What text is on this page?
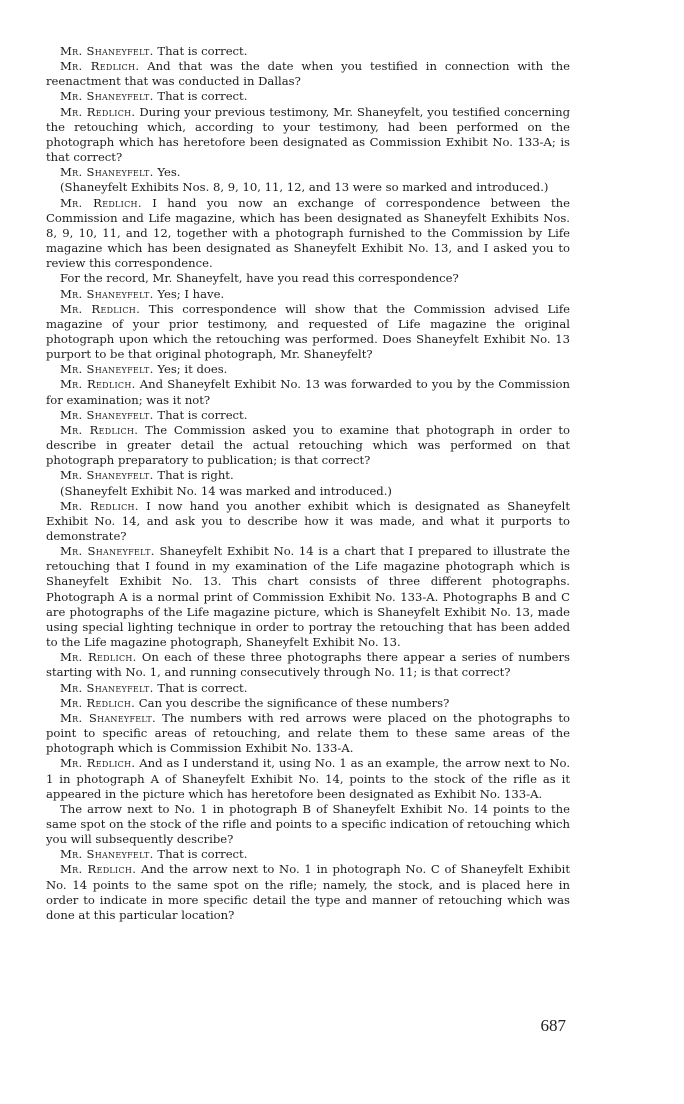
Mr. Shaneyfelt. That is correct.

Mr. Redlich. And that was the date when you testified in connection with the reenactment that was conducted in Dallas?

Mr. Shaneyfelt. That is correct.

Mr. Redlich. During your previous testimony, Mr. Shaneyfelt, you testified concerning the retouching which, according to your testimony, had been performed on the photograph which has heretofore been designated as Commission Exhibit No. 133-A; is that correct?

Mr. Shaneyfelt. Yes.

(Shaneyfelt Exhibits Nos. 8, 9, 10, 11, 12, and 13 were so marked and introduced.)

Mr. Redlich. I hand you now an exchange of correspondence between the Commission and Life magazine, which has been designated as Shaneyfelt Exhibits Nos. 8, 9, 10, 11, and 12, together with a photograph furnished to the Commission by Life magazine which has been designated as Shaneyfelt Exhibit No. 13, and I asked you to review this correspondence.

For the record, Mr. Shaneyfelt, have you read this correspondence?

Mr. Shaneyfelt. Yes; I have.

Mr. Redlich. This correspondence will show that the Commission advised Life magazine of your prior testimony, and requested of Life magazine the original photograph upon which the retouching was performed. Does Shaneyfelt Exhibit No. 13 purport to be that original photograph, Mr. Shaneyfelt?

Mr. Shaneyfelt. Yes; it does.

Mr. Redlich. And Shaneyfelt Exhibit No. 13 was forwarded to you by the Commission for examination; was it not?

Mr. Shaneyfelt. That is correct.

Mr. Redlich. The Commission asked you to examine that photograph in order to describe in greater detail the actual retouching which was performed on that photograph preparatory to publication; is that correct?

Mr. Shaneyfelt. That is right.

(Shaneyfelt Exhibit No. 14 was marked and introduced.)

Mr. Redlich. I now hand you another exhibit which is designated as Shaneyfelt Exhibit No. 14, and ask you to describe how it was made, and what it purports to demonstrate?

Mr. Shaneyfelt. Shaneyfelt Exhibit No. 14 is a chart that I prepared to illustrate the retouching that I found in my examination of the Life magazine photograph which is Shaneyfelt Exhibit No. 13. This chart consists of three different photographs. Photograph A is a normal print of Commission Exhibit No. 133-A. Photographs B and C are photographs of the Life magazine picture, which is Shaneyfelt Exhibit No. 13, made using special lighting technique in order to portray the retouching that has been added to the Life magazine photograph, Shaneyfelt Exhibit No. 13.

Mr. Redlich. On each of these three photographs there appear a series of numbers starting with No. 1, and running consecutively through No. 11; is that correct?

Mr. Shaneyfelt. That is correct.

Mr. Redlich. Can you describe the significance of these numbers?

Mr. Shaneyfelt. The numbers with red arrows were placed on the photographs to point to specific areas of retouching, and relate them to these same areas of the photograph which is Commission Exhibit No. 133-A.

Mr. Redlich. And as I understand it, using No. 1 as an example, the arrow next to No. 1 in photograph A of Shaneyfelt Exhibit No. 14, points to the stock of the rifle as it appeared in the picture which has heretofore been designated as Exhibit No. 133-A.

The arrow next to No. 1 in photograph B of Shaneyfelt Exhibit No. 14 points to the same spot on the stock of the rifle and points to a specific indication of retouching which you will subsequently describe?

Mr. Shaneyfelt. That is correct.

Mr. Redlich. And the arrow next to No. 1 in photograph No. C of Shaneyfelt Exhibit No. 14 points to the same spot on the rifle; namely, the stock, and is placed here in order to indicate in more specific detail the type and manner of retouching which was done at this particular location?

687
